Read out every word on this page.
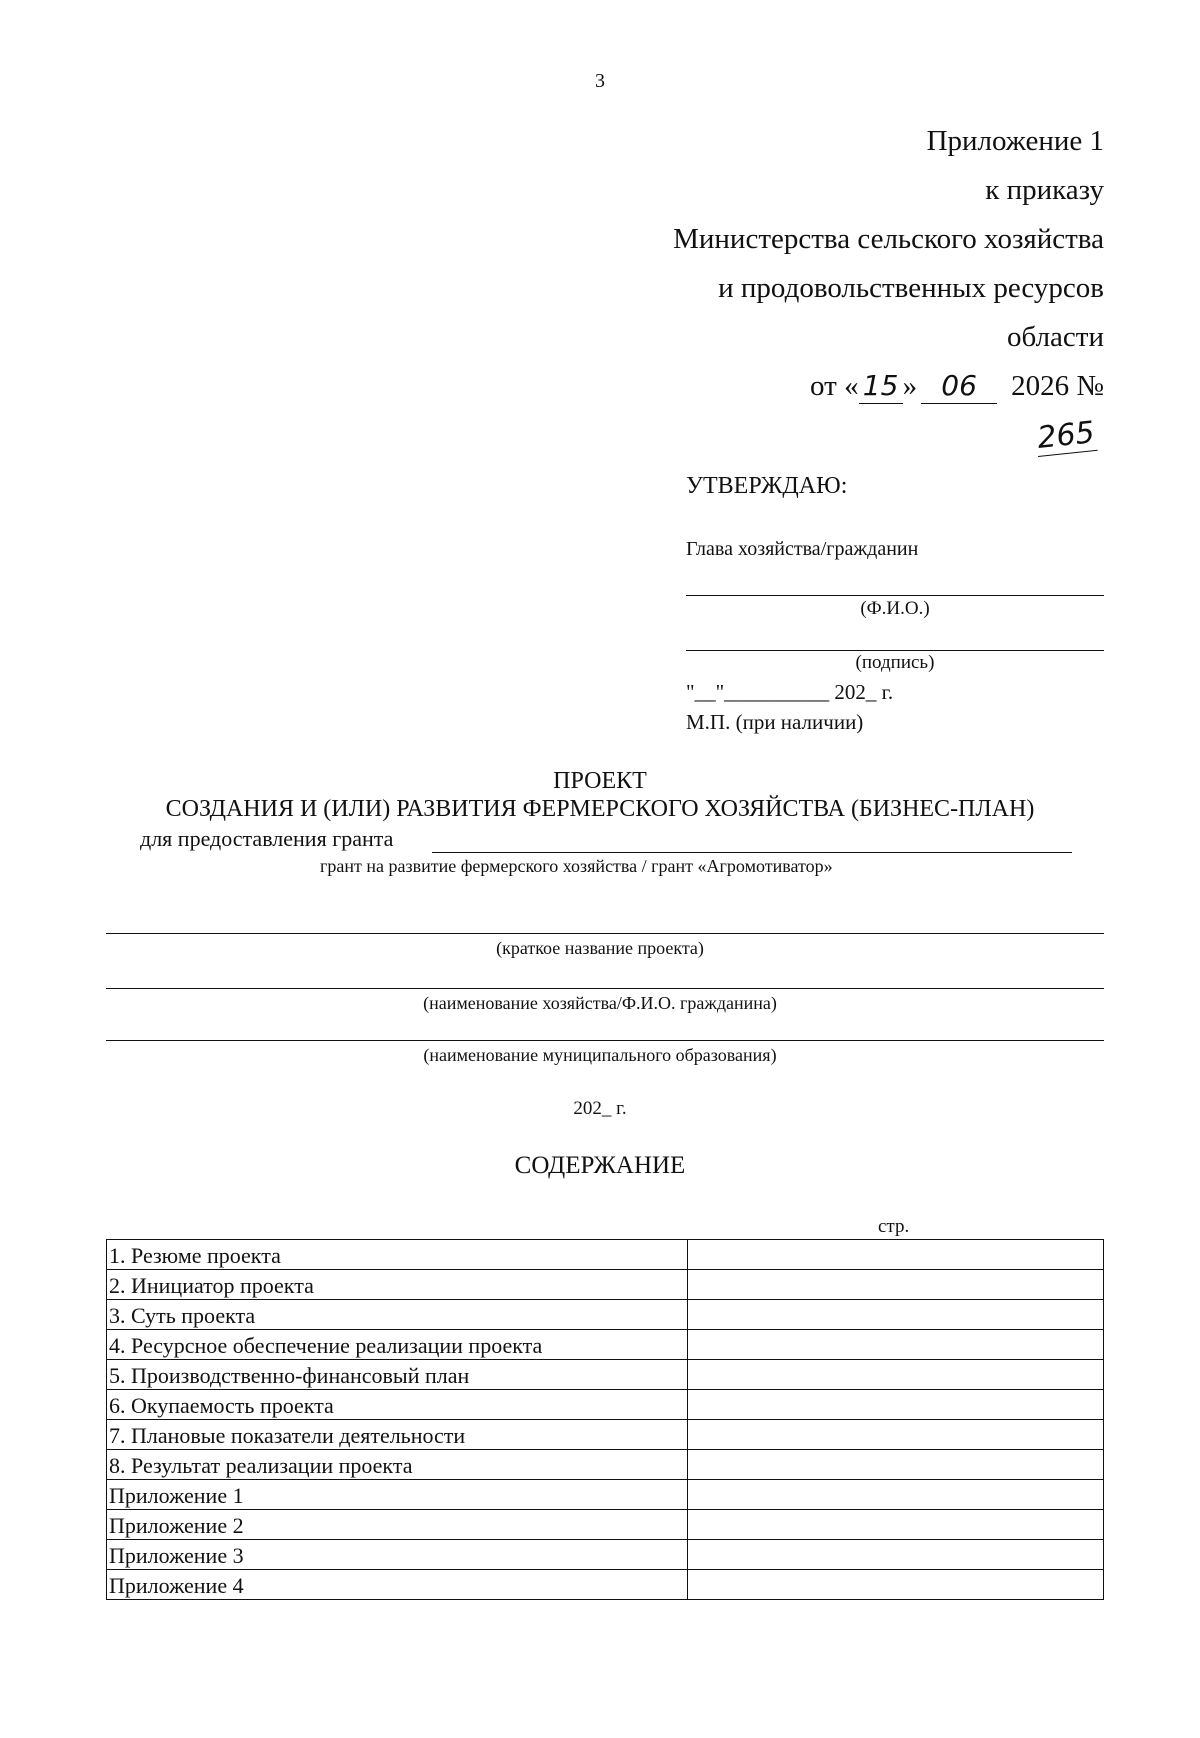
3
Приложение 1
к приказу
Министерства сельского хозяйства
и продовольственных ресурсов
области
от « 15 » 06 2026 №
265
УТВЕРЖДАЮ:
Глава хозяйства/гражданин
(Ф.И.О.)
(подпись)
"__"__________ 202_ г.
М.П. (при наличии)
ПРОЕКТ
СОЗДАНИЯ И (ИЛИ) РАЗВИТИЯ ФЕРМЕРСКОГО ХОЗЯЙСТВА (БИЗНЕС-ПЛАН)
для предоставления гранта
грант на развитие фермерского хозяйства / грант «Агромотиватор»
(краткое название проекта)
(наименование хозяйства/Ф.И.О. гражданина)
(наименование муниципального образования)
202_ г.
СОДЕРЖАНИЕ
стр.
1. Резюме проекта	
2. Инициатор проекта	
3. Суть проекта	
4. Ресурсное обеспечение реализации проекта	
5. Производственно-финансовый план	
6. Окупаемость проекта	
7. Плановые показатели деятельности	
8. Результат реализации проекта	
Приложение 1	
Приложение 2	
Приложение 3	
Приложение 4	
